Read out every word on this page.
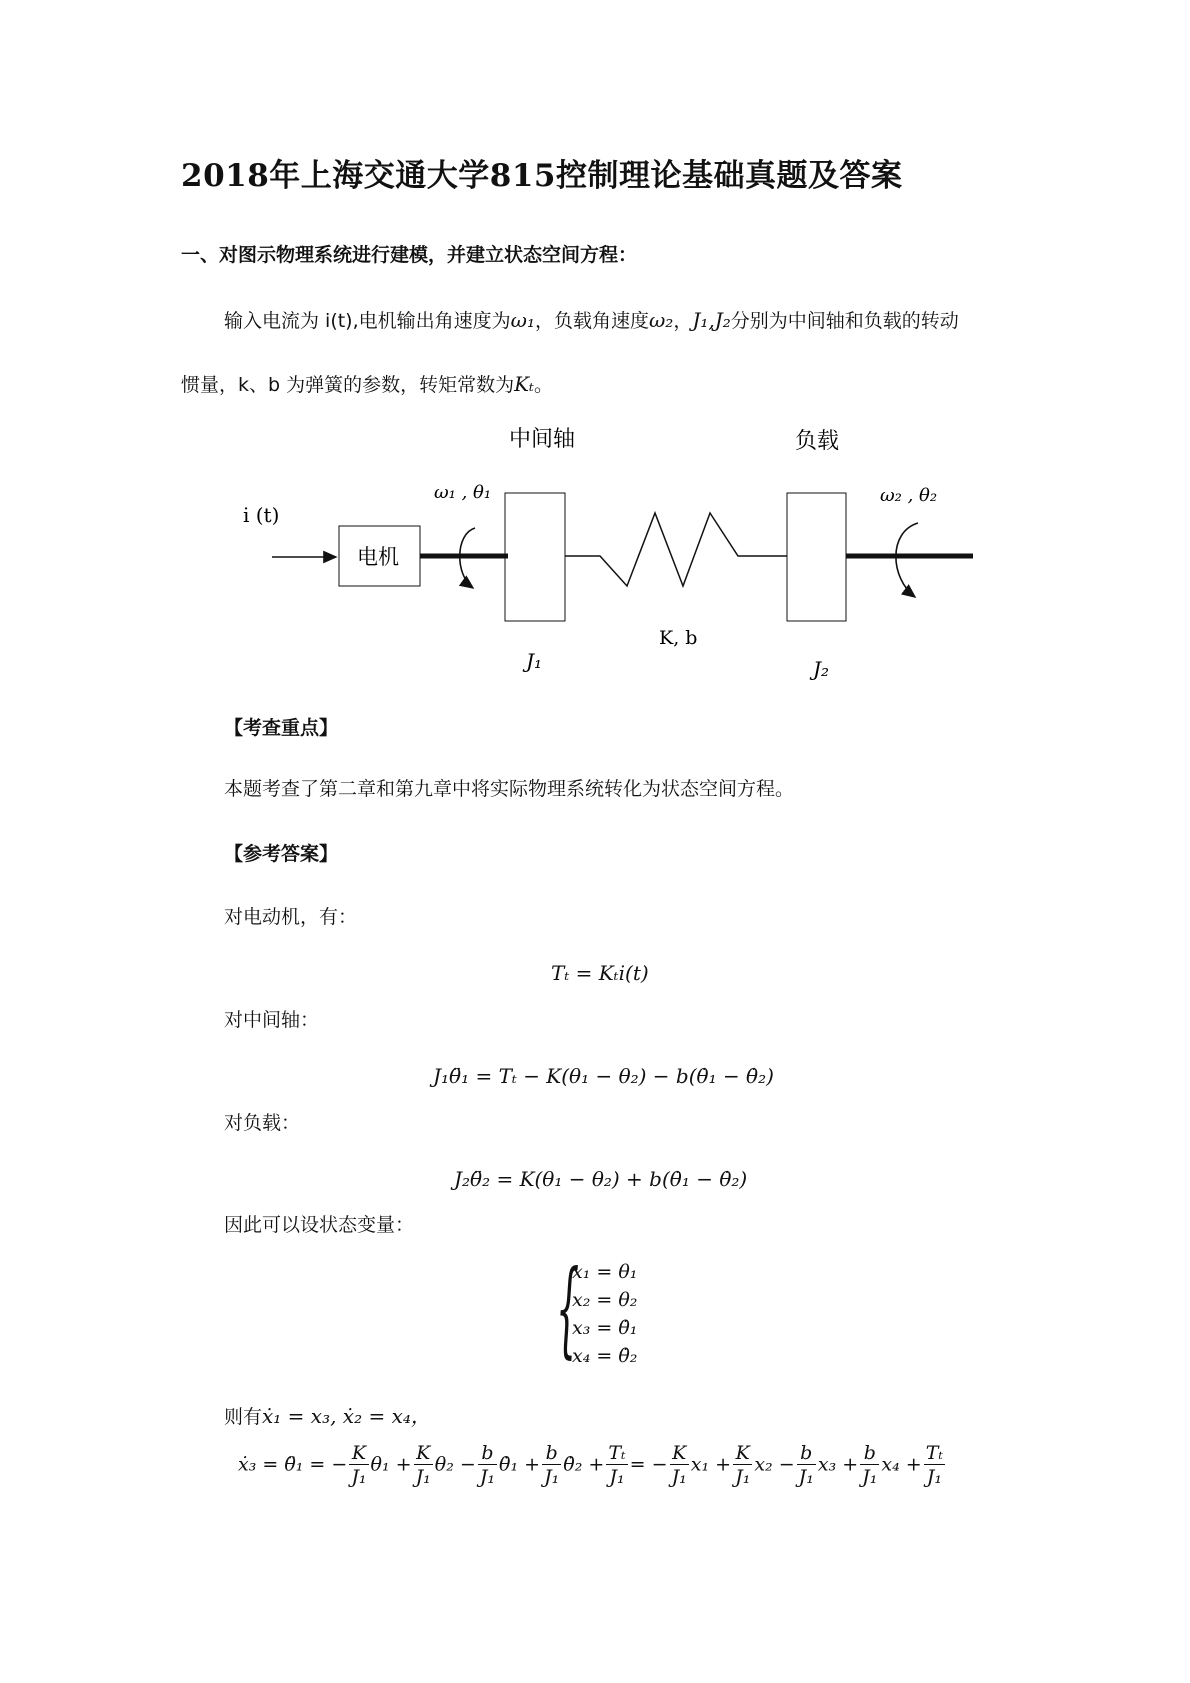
2018年上海交通大学815控制理论基础真题及答案
一、对图示物理系统进行建模，并建立状态空间方程：
输入电流为 i(t),电机输出角速度为ω₁，负载角速度ω₂，J₁,J₂分别为中间轴和负载的转动
惯量，k、b 为弹簧的参数，转矩常数为Kₜ。
中间轴	负载
i (t)
电机
ω₁ , θ₁	ω₂ , θ₂
K, b
J₁	J₂
【考查重点】
本题考查了第二章和第九章中将实际物理系统转化为状态空间方程。
【参考答案】
对电动机，有：
Tₜ = Kₜi(t)
对中间轴：
J₁θ̈₁ = Tₜ − K(θ₁ − θ₂) − b(θ̇₁ − θ̇₂)
对负载：
J₂θ̈₂ = K(θ₁ − θ₂) + b(θ̇₁ − θ̇₂)
因此可以设状态变量：
{
x₁ = θ₁
x₂ = θ₂
x₃ = θ̇₁
x₄ = θ̇₂
则有ẋ₁ = x₃, ẋ₂ = x₄，
ẋ₃ = θ̈₁ = − $\frac{K}{\text{J₁}} \theta_1 + \frac{K}{\text{J₁}} \theta_2 - \frac{b}{\text{J₁}}$ θ̇₁ + $\frac{b}{\text{J₁}}$ θ̇₂ + $\frac{\text{Tₜ}}{\text{J₁}}$ = − $\frac{K}{\text{J₁}} x_1 + \frac{K}{\text{J₁}} x_2 - \frac{b}{\text{J₁}} x_3 + \frac{b}{\text{J₁}} x_4 + \frac{\text{Tₜ}}{\text{J₁}}$
